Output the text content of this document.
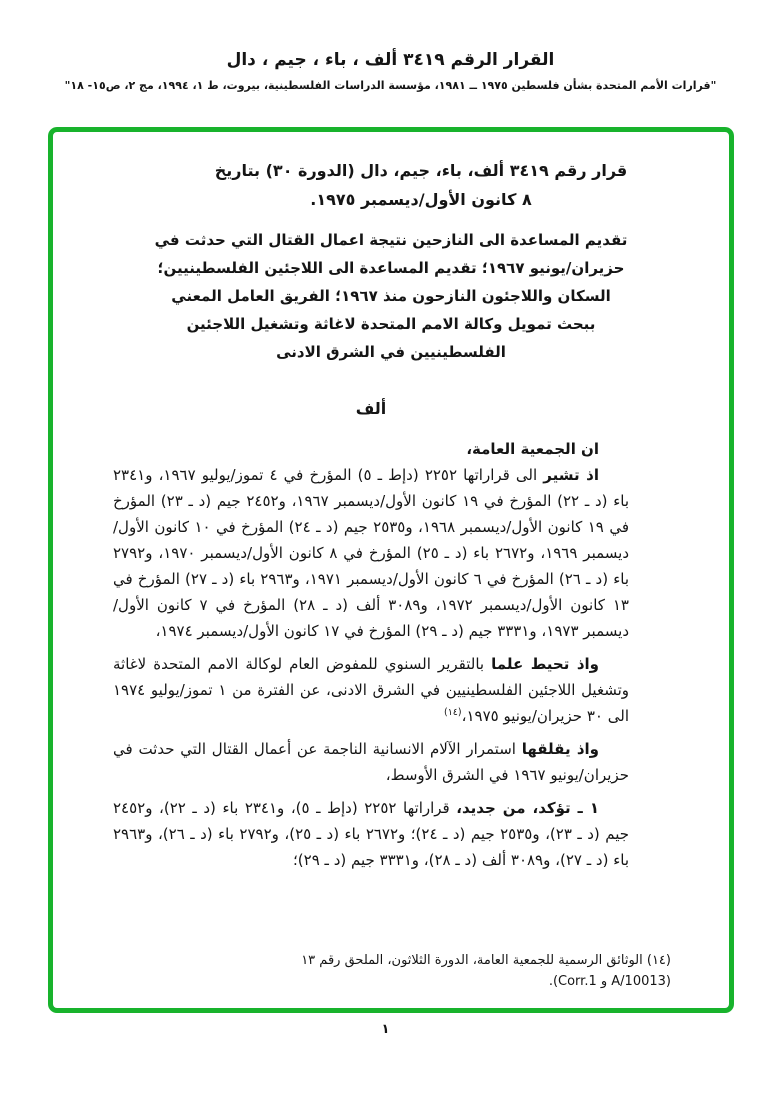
القرار الرقم ٣٤١٩ ألف ، باء ، جيم ، دال
"قرارات الأمم المتحدة بشأن فلسطين ١٩٧٥ ــ ١٩٨١، مؤسسة الدراسات الفلسطينية، بيروت، ط ١، ١٩٩٤، مج ٢، ص١٥- ١٨"
قرار رقم ٣٤١٩ ألف، باء، جيم، دال (الدورة ٣٠) بتاريخ ٨ كانون الأول/ديسمبر ١٩٧٥.
تقديم المساعدة الى النازحين نتيجة اعمال القتال التي حدثت في حزيران/يونيو ١٩٦٧؛ تقديم المساعدة الى اللاجئين الفلسطينيين؛ السكان واللاجئون النازحون منذ ١٩٦٧؛ الفريق العامل المعني ببحث تمويل وكالة الامم المتحدة لاغاثة وتشغيل اللاجئين الفلسطينيين في الشرق الادنى
ألف
ان الجمعية العامة،

اذ تشير الى قراراتها ٢٢٥٢ (دإط ـ ٥) المؤرخ في ٤ تموز/يوليو ١٩٦٧، و٢٣٤١ باء (د ـ ٢٢) المؤرخ في ١٩ كانون الأول/ديسمبر ١٩٦٧، و٢٤٥٢ جيم (د ـ ٢٣) المؤرخ في ١٩ كانون الأول/ديسمبر ١٩٦٨، و٢٥٣٥ جيم (د ـ ٢٤) المؤرخ في ١٠ كانون الأول/ديسمبر ١٩٦٩، و٢٦٧٢ باء (د ـ ٢٥) المؤرخ في ٨ كانون الأول/ديسمبر ١٩٧٠، و٢٧٩٢ باء (د ـ ٢٦) المؤرخ في ٦ كانون الأول/ديسمبر ١٩٧١، و٢٩٦٣ باء (د ـ ٢٧) المؤرخ في ١٣ كانون الأول/ديسمبر ١٩٧٢، و٣٠٨٩ ألف (د ـ ٢٨) المؤرخ في ٧ كانون الأول/ديسمبر ١٩٧٣، و٣٣٣١ جيم (د ـ ٢٩) المؤرخ في ١٧ كانون الأول/ديسمبر ١٩٧٤،

واذ تحيط علما بالتقرير السنوي للمفوض العام لوكالة الامم المتحدة لاغاثة وتشغيل اللاجئين الفلسطينيين في الشرق الادنى، عن الفترة من ١ تموز/يوليو ١٩٧٤ الى ٣٠ حزيران/يونيو ١٩٧٥،$^{(١٤)}$

واذ يقلقها استمرار الآلام الانسانية الناجمة عن أعمال القتال التي حدثت في حزيران/يونيو ١٩٦٧ في الشرق الأوسط،

١ ـ تؤكد، من جديد، قراراتها ٢٢٥٢ (دإط ـ ٥)، و٢٣٤١ باء (د ـ ٢٢)، و٢٤٥٢ جيم (د ـ ٢٣)، و٢٥٣٥ جيم (د ـ ٢٤)؛ و٢٦٧٢ باء (د ـ ٢٥)، و٢٧٩٢ باء (د ـ ٢٦)، و٢٩٦٣ باء (د ـ ٢٧)، و٣٠٨٩ ألف (د ـ ٢٨)، و٣٣٣١ جيم (د ـ ٢٩)؛

(١٤) الوثائق الرسمية للجمعية العامة، الدورة الثلاثون، الملحق رقم ١٣ (A/10013 و Corr.1).
١
